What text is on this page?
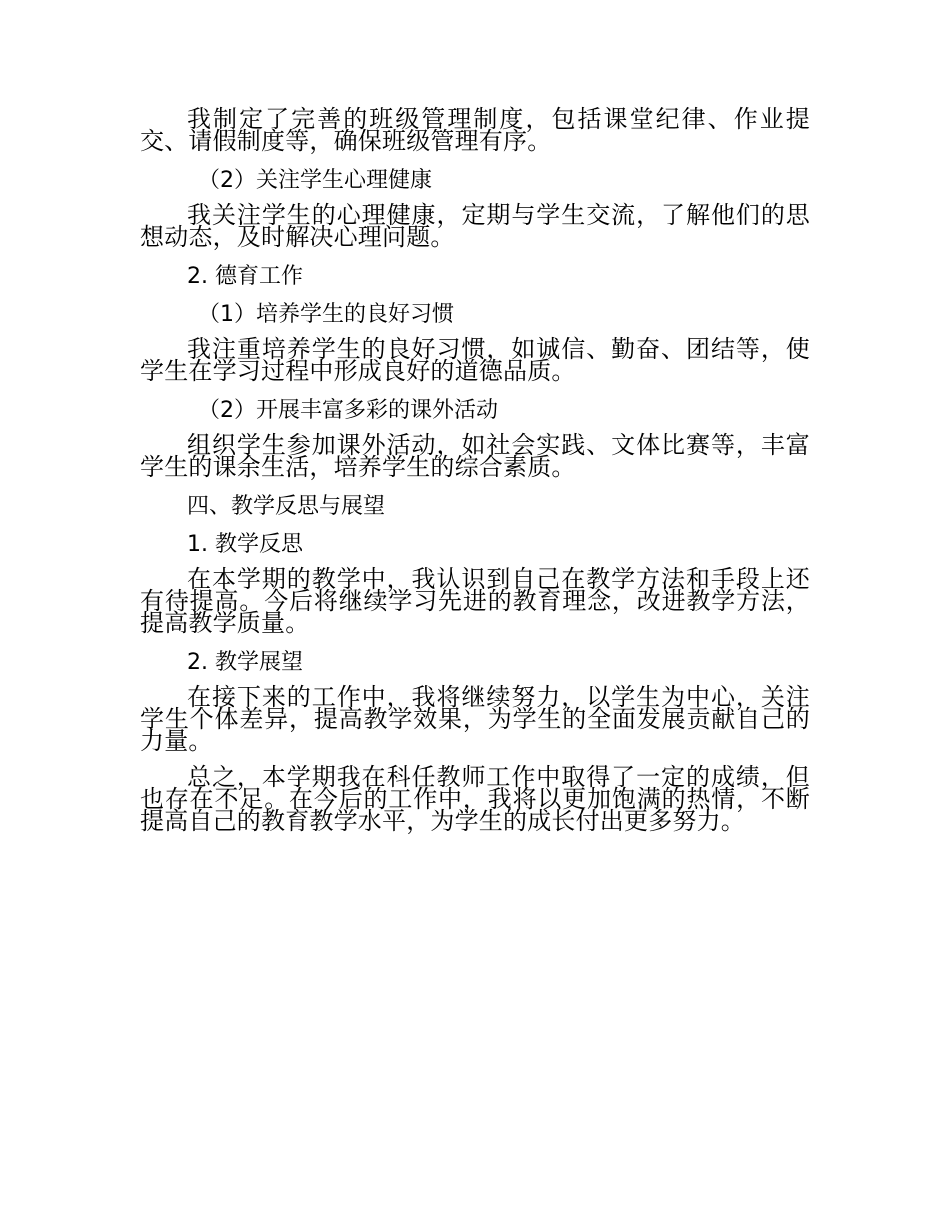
我制定了完善的班级管理制度，包括课堂纪律、作业提交、请假制度等，确保班级管理有序。

（2）关注学生心理健康

我关注学生的心理健康，定期与学生交流，了解他们的思想动态，及时解决心理问题。

2. 德育工作
（1）培养学生的良好习惯

我注重培养学生的良好习惯，如诚信、勤奋、团结等，使学生在学习过程中形成良好的道德品质。

（2）开展丰富多彩的课外活动

组织学生参加课外活动，如社会实践、文体比赛等，丰富学生的课余生活，培养学生的综合素质。

四、教学反思与展望
1. 教学反思

在本学期的教学中，我认识到自己在教学方法和手段上还有待提高。今后将继续学习先进的教育理念，改进教学方法，提高教学质量。

2. 教学展望

在接下来的工作中，我将继续努力，以学生为中心，关注学生个体差异，提高教学效果，为学生的全面发展贡献自己的力量。

总之，本学期我在科任教师工作中取得了一定的成绩，但也存在不足。在今后的工作中，我将以更加饱满的热情，不断提高自己的教育教学水平，为学生的成长付出更多努力。
